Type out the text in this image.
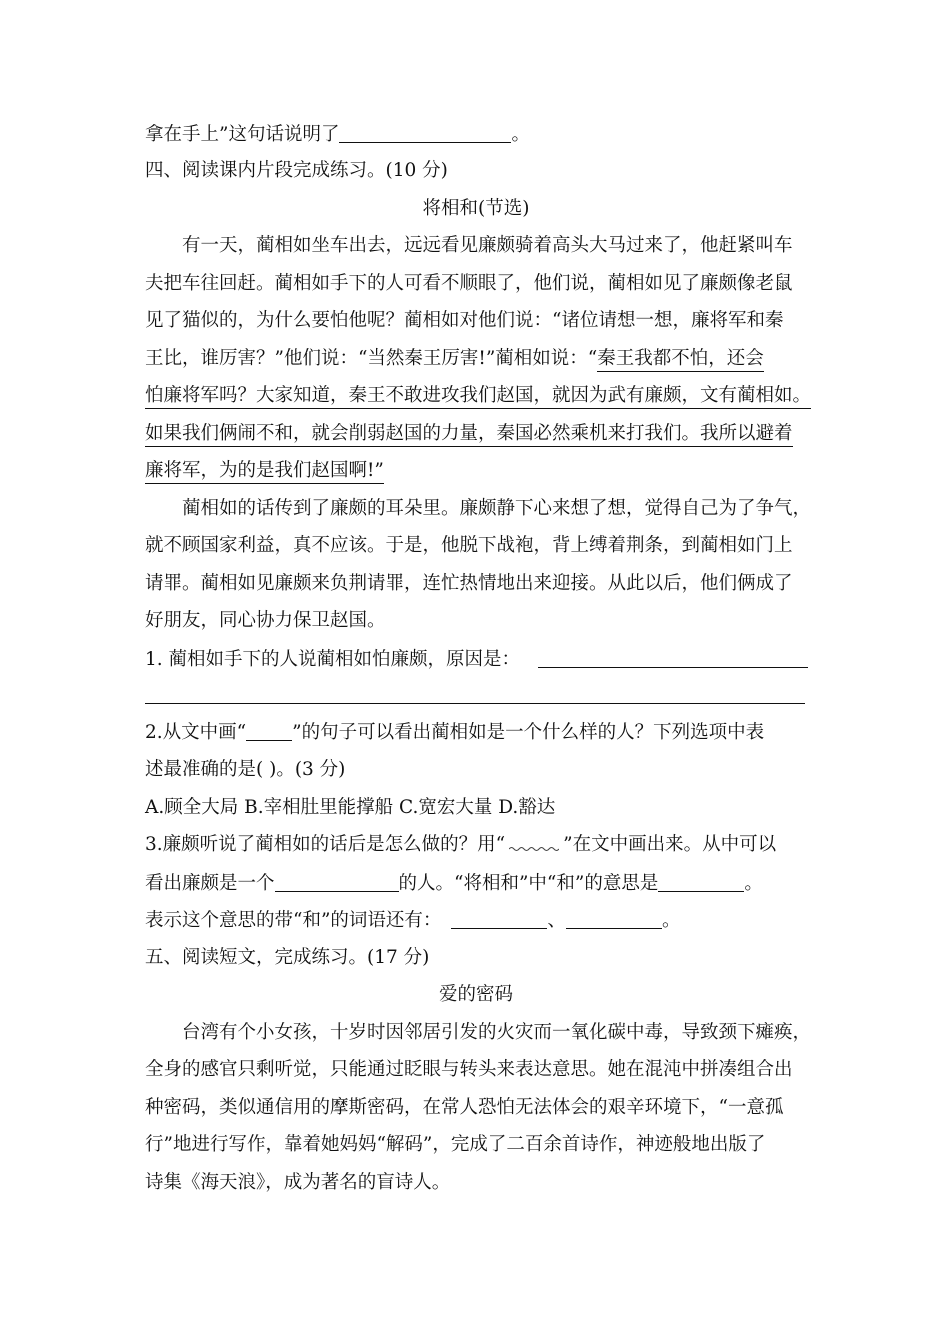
拿在手上”这句话说明了	。
四、阅读课内片段完成练习。(10 分)
将相和(节选)
有一天，蔺相如坐车出去，远远看见廉颇骑着高头大马过来了，他赶紧叫车
夫把车往回赶。蔺相如手下的人可看不顺眼了，他们说，蔺相如见了廉颇像老鼠
见了猫似的，为什么要怕他呢？蔺相如对他们说：“诸位请想一想，廉将军和秦
王比，谁厉害？”他们说：“当然秦王厉害!”蔺相如说：“秦王我都不怕，还会
怕廉将军吗？大家知道，秦王不敢进攻我们赵国，就因为武有廉颇，文有蔺相如。
如果我们俩闹不和，就会削弱赵国的力量，秦国必然乘机来打我们。我所以避着
廉将军，为的是我们赵国啊!”
蔺相如的话传到了廉颇的耳朵里。廉颇静下心来想了想，觉得自己为了争气，
就不顾国家利益，真不应该。于是，他脱下战袍，背上缚着荆条，到蔺相如门上
请罪。蔺相如见廉颇来负荆请罪，连忙热情地出来迎接。从此以后，他们俩成了
好朋友，同心协力保卫赵国。
1. 蔺相如手下的人说蔺相如怕廉颇，原因是：
2.从文中画“ ”的句子可以看出蔺相如是一个什么样的人？下列选项中表
述最准确的是( )。(3 分)
A.顾全大局 B.宰相肚里能撑船 C.宽宏大量 D.豁达
3.廉颇听说了蔺相如的话后是怎么做的？用“	”在文中画出来。从中可以
看出廉颇是一个	的人。“将相和”中“和”的意思是	。
表示这个意思的带“和”的词语还有：	、	。
五、阅读短文，完成练习。(17 分)
爱的密码
台湾有个小女孩，十岁时因邻居引发的火灾而一氧化碳中毒，导致颈下瘫痪，
全身的感官只剩听觉，只能通过眨眼与转头来表达意思。她在混沌中拼凑组合出
种密码，类似通信用的摩斯密码，在常人恐怕无法体会的艰辛环境下，“一意孤
行”地进行写作，靠着她妈妈“解码”，完成了二百余首诗作，神迹般地出版了
诗集《海天浪》，成为著名的盲诗人。
